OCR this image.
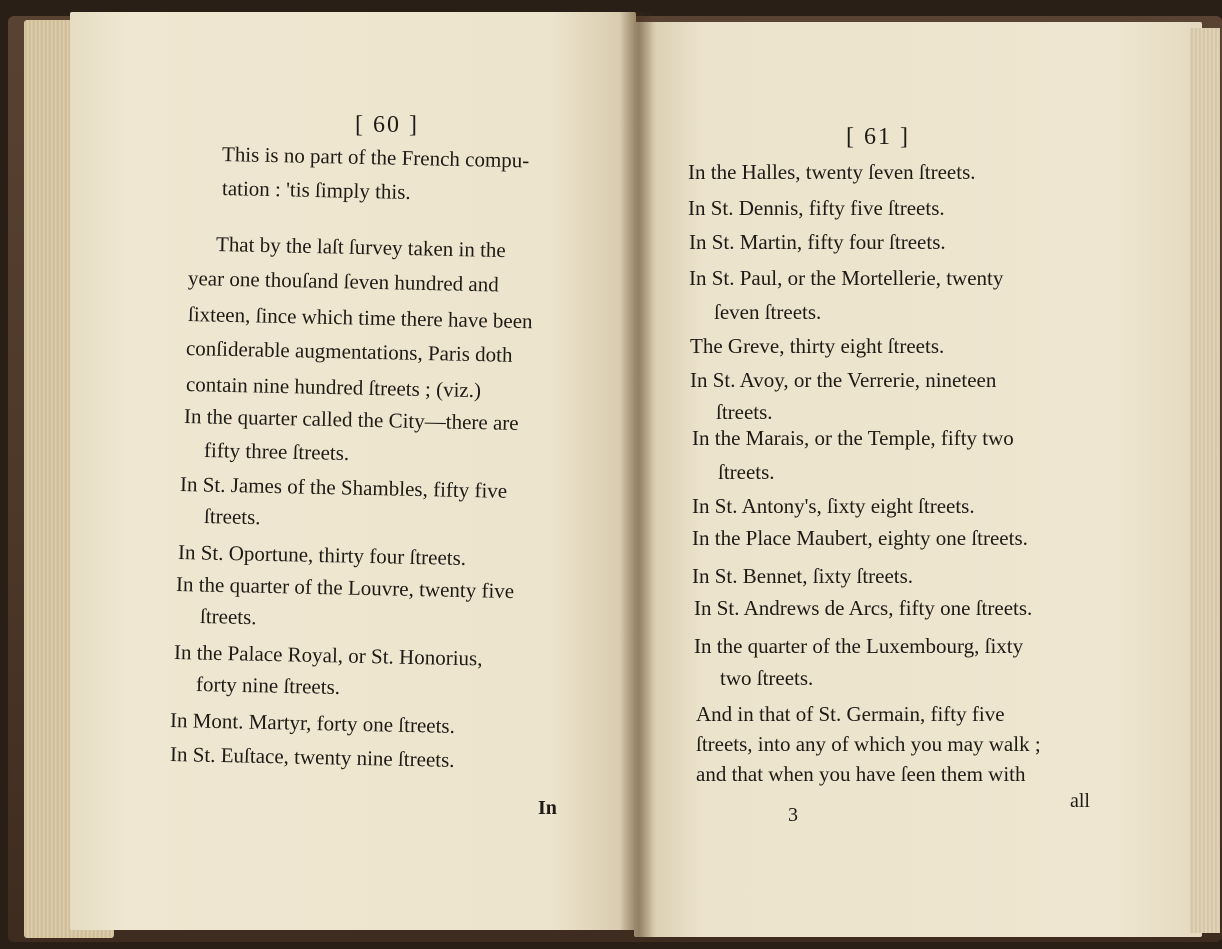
[ 60 ]
This is no part of the French compu-
tation : 'tis ſimply this.
That by the laſt ſurvey taken in the
year one thouſand ſeven hundred and
ſixteen, ſince which time there have been
conſiderable augmentations, Paris doth
contain nine hundred ſtreets ; (viz.)
In the quarter called the City—there are
fifty three ſtreets.
In St. James of the Shambles, fifty five
ſtreets.
In St. Oportune, thirty four ſtreets.
In the quarter of the Louvre, twenty five
ſtreets.
In the Palace Royal, or St. Honorius,
forty nine ſtreets.
In Mont. Martyr, forty one ſtreets.
In St. Euſtace, twenty nine ſtreets.
In
[ 61 ]
In the Halles, twenty ſeven ſtreets.
In St. Dennis, fifty five ſtreets.
In St. Martin, fifty four ſtreets.
In St. Paul, or the Mortellerie, twenty
ſeven ſtreets.
The Greve, thirty eight ſtreets.
In St. Avoy, or the Verrerie, nineteen
ſtreets.
In the Marais, or the Temple, fifty two
ſtreets.
In St. Antony's, ſixty eight ſtreets.
In the Place Maubert, eighty one ſtreets.
In St. Bennet, ſixty ſtreets.
In St. Andrews de Arcs, fifty one ſtreets.
In the quarter of the Luxembourg, ſixty
two ſtreets.
And in that of St. Germain, fifty five
ſtreets, into any of which you may walk ;
and that when you have ſeen them with
3
all
